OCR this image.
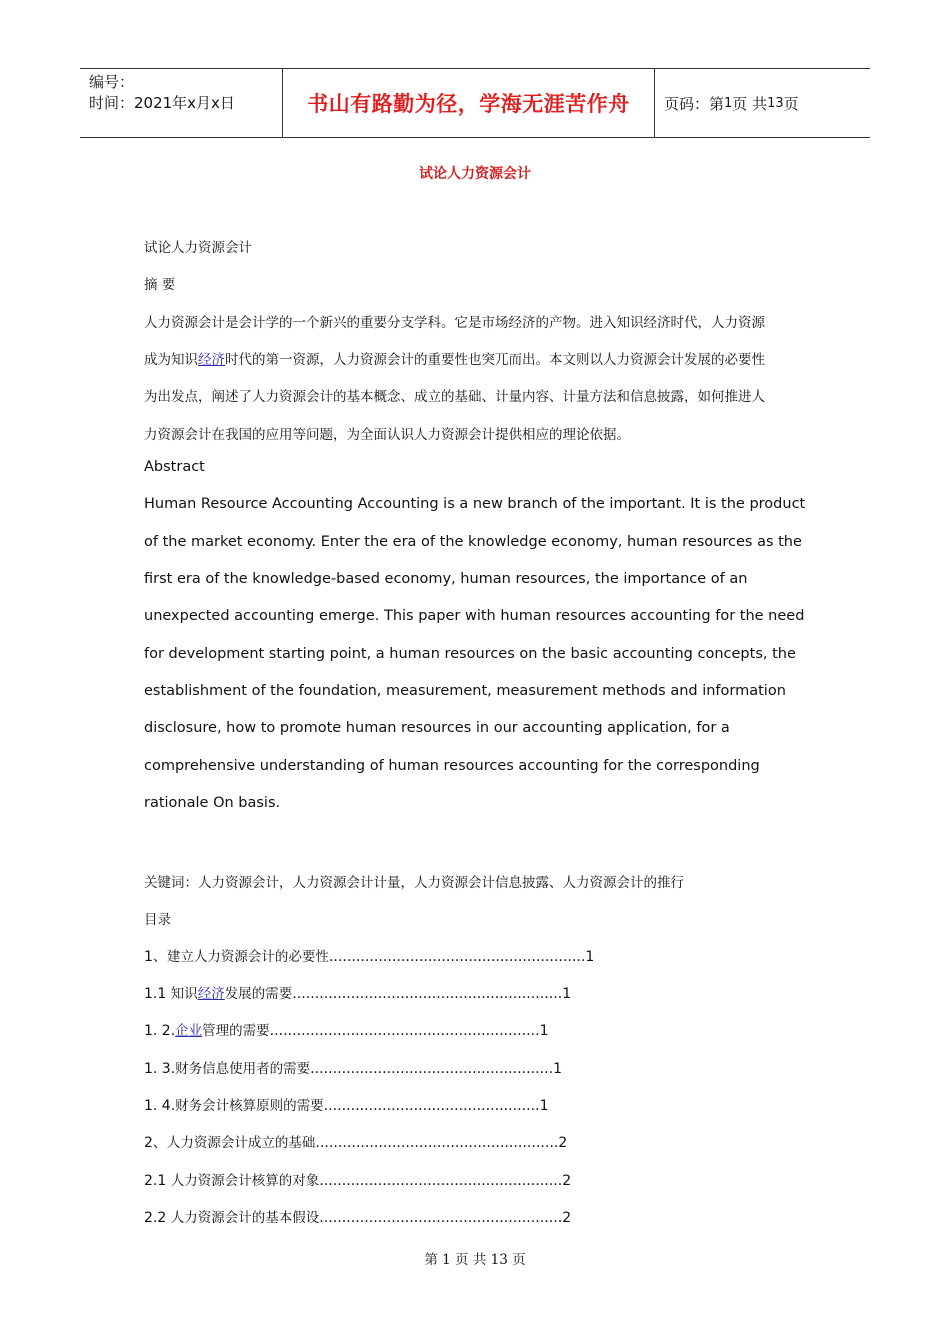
编号：
时间：2021年x月x日	书山有路勤为径，学海无涯苦作舟	页码：第 1 页 共 13 页
试论人力资源会计
试论人力资源会计
摘 要
人力资源会计是会计学的一个新兴的重要分支学科。它是市场经济的产物。进入知识经济时代，人力资源
成为知识经济时代的第一资源，人力资源会计的重要性也突兀而出。本文则以人力资源会计发展的必要性
为出发点，阐述了人力资源会计的基本概念、成立的基础、计量内容、计量方法和信息披露，如何推进人
力资源会计在我国的应用等问题，为全面认识人力资源会计提供相应的理论依据。
Abstract
Human Resource Accounting Accounting is a new branch of the important. It is the product
of the market economy. Enter the era of the knowledge economy, human resources as the
first era of the knowledge-based economy, human resources, the importance of an
unexpected accounting emerge. This paper with human resources accounting for the need
for development starting point, a human resources on the basic accounting concepts, the
establishment of the foundation, measurement, measurement methods and information
disclosure, how to promote human resources in our accounting application, for a
comprehensive understanding of human resources accounting for the corresponding
rationale On basis.
关键词：人力资源会计，人力资源会计计量，人力资源会计信息披露、人力资源会计的推行
目录
1、建立人力资源会计的必要性…………………………………………………1
1.1 知识经济发展的需要……………………………………………………1
1. 2.企业管理的需要……………………………………………………1
1. 3.财务信息使用者的需要………………………………………………1
1. 4.财务会计核算原则的需要…………………………………………1
2、人力资源会计成立的基础………………………………………………2
2.1 人力资源会计核算的对象………………………………………………2
2.2 人力资源会计的基本假设………………………………………………2
第 1 页 共 13 页
